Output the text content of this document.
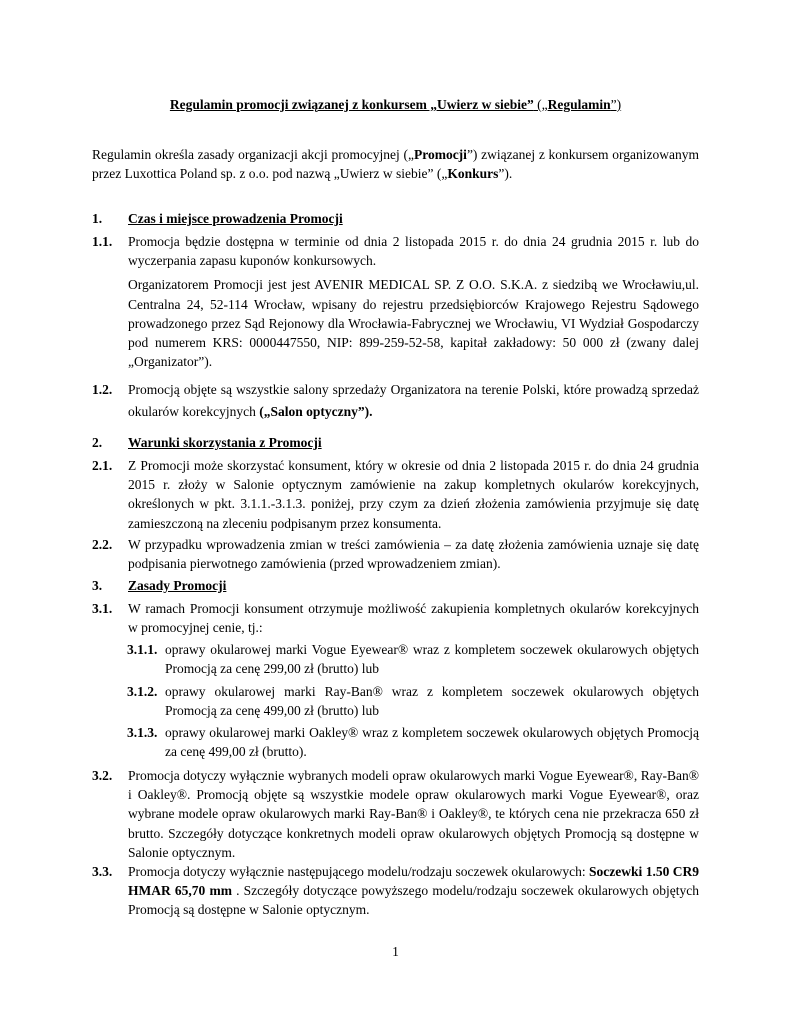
Regulamin promocji związanej z konkursem „Uwierz w siebie” („Regulamin”)
Regulamin określa zasady organizacji akcji promocyjnej („Promocji”) związanej z konkursem organizowanym przez Luxottica Poland sp. z o.o. pod nazwą „Uwierz w siebie” („Konkurs”).
1. Czas i miejsce prowadzenia Promocji
1.1. Promocja będzie dostępna w terminie od dnia 2 listopada 2015 r. do dnia 24 grudnia 2015 r. lub do wyczerpania zapasu kuponów konkursowych.
Organizatorem Promocji jest jest AVENIR MEDICAL SP. Z O.O. S.K.A. z siedzibą we Wrocławiu,ul. Centralna 24, 52-114 Wrocław, wpisany do rejestru przedsiębiorców Krajowego Rejestru Sądowego prowadzonego przez Sąd Rejonowy dla Wrocławia-Fabrycznej we Wrocławiu, VI Wydział Gospodarczy pod numerem KRS: 0000447550, NIP: 899-259-52-58, kapitał zakładowy: 50 000 zł (zwany dalej „Organizator”).
1.2. Promocją objęte są wszystkie salony sprzedaży Organizatora na terenie Polski, które prowadzą sprzedaż okularów korekcyjnych („Salon optyczny”).
2. Warunki skorzystania z Promocji
2.1. Z Promocji może skorzystać konsument, który w okresie od dnia 2 listopada 2015 r. do dnia 24 grudnia 2015 r. złoży w Salonie optycznym zamówienie na zakup kompletnych okularów korekcyjnych, określonych w pkt. 3.1.1.-3.1.3. poniżej, przy czym za dzień złożenia zamówienia przyjmuje się datę zamieszczoną na zleceniu podpisanym przez konsumenta.
2.2. W przypadku wprowadzenia zmian w treści zamówienia – za datę złożenia zamówienia uznaje się datę podpisania pierwotnego zamówienia (przed wprowadzeniem zmian).
3. Zasady Promocji
3.1. W ramach Promocji konsument otrzymuje możliwość zakupienia kompletnych okularów korekcyjnych w promocyjnej cenie, tj.:
3.1.1. oprawy okularowej marki Vogue Eyewear® wraz z kompletem soczewek okularowych objętych Promocją za cenę 299,00 zł (brutto) lub
3.1.2. oprawy okularowej marki Ray-Ban® wraz z kompletem soczewek okularowych objętych Promocją za cenę 499,00 zł (brutto) lub
3.1.3. oprawy okularowej marki Oakley® wraz z kompletem soczewek okularowych objętych Promocją za cenę 499,00 zł (brutto).
3.2. Promocja dotyczy wyłącznie wybranych modeli opraw okularowych marki Vogue Eyewear®, Ray-Ban® i Oakley®. Promocją objęte są wszystkie modele opraw okularowych marki Vogue Eyewear®, oraz wybrane modele opraw okularowych marki Ray-Ban® i Oakley®, te których cena nie przekracza 650 zł brutto. Szczegóły dotyczące konkretnych modeli opraw okularowych objętych Promocją są dostępne w Salonie optycznym.
3.3. Promocja dotyczy wyłącznie następującego modelu/rodzaju soczewek okularowych: Soczewki 1.50 CR9 HMAR 65,70 mm . Szczegóły dotyczące powyższego modelu/rodzaju soczewek okularowych objętych Promocją są dostępne w Salonie optycznym.
1
